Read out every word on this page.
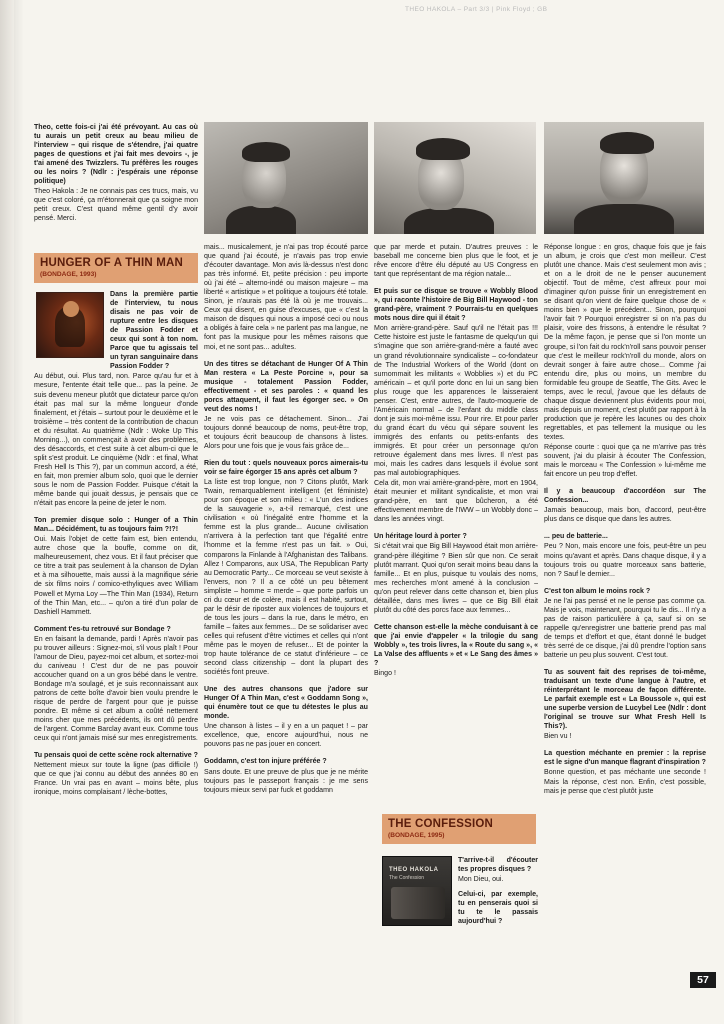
THEO HAKOLA – Part 3/3 | Pink Floyd ; GB

Theo, cette fois-ci j'ai été prévoyant. Au cas où tu aurais un petit creux au beau milieu de l'interview – qui risque de s'étendre, j'ai quatre pages de questions et j'ai fait mes devoirs -, je t'ai amené des Twizzlers. Tu préfères les rouges ou les noirs ? (Ndlr : j'espérais une réponse politique)

Theo Hakola : Je ne connais pas ces trucs, mais, vu que c'est coloré, ça m'étonnerait que ça soigne mon petit creux. C'est quand même gentil d'y avoir pensé. Merci.

HUNGER OF A THIN MAN
(BONDAGE, 1993)

Dans la première partie de l'interview, tu nous disais ne pas voir de rupture entre les disques de Passion Fodder et ceux qui sont à ton nom. Parce que tu agissais tel un tyran sanguinaire dans Passion Fodder ?

Au début, oui. Plus tard, non. Parce qu'au fur et à mesure, l'entente était telle que... pas la peine. Je suis devenu meneur plutôt que dictateur parce qu'on était pas mal sur la même longueur d'onde finalement, et j'étais – surtout pour le deuxième et le troisième – très content de la contribution de chacun et du résultat. Au quatrième (Ndlr : Woke Up This Morning...), on commençait à avoir des problèmes, des désaccords, et c'est suite à cet album-ci que le split s'est produit. Le cinquième (Ndlr : et final, What Fresh Hell Is This ?), par un commun accord, a été, en fait, mon premier album solo, quoi que le dernier sous le nom de Passion Fodder. Puisque c'était la même bande qui jouait dessus, je pensais que ce n'était pas encore la peine de jeter le nom.

Ton premier disque solo : Hunger of a Thin Man... Décidément, tu as toujours faim ?!?!

Oui. Mais l'objet de cette faim est, bien entendu, autre chose que la bouffe, comme on dit, malheureusement, chez vous. Et il faut préciser que ce titre a trait pas seulement à la chanson de Dylan et à ma silhouette, mais aussi à la magnifique série de six films noirs / comico-ethyliques avec William Powell et Myrna Loy —The Thin Man (1934), Return of the Thin Man, etc... – qu'on a tiré d'un polar de Dashiell Hammett.

Comment t'es-tu retrouvé sur Bondage ?

En en faisant la demande, pardi ! Après n'avoir pas pu trouver ailleurs : Signez-moi, s'il vous plaît ! Pour l'amour de Dieu, payez-moi cet album, et sortez-moi du caniveau ! C'est dur de ne pas pouvoir accoucher quand on a un gros bébé dans le ventre. Bondage m'a soulagé, et je suis reconnaissant aux patrons de cette boîte d'avoir bien voulu prendre le risque de perdre de l'argent pour que je puisse pondre. Et même si cet album a coûté nettement moins cher que mes précédents, ils ont dû perdre de l'argent. Comme Barclay avant eux. Comme tous ceux qui n'ont jamais misé sur mes enregistrements.

Tu pensais quoi de cette scène rock alternative ?

Nettement mieux sur toute la ligne (pas difficile !) que ce que j'ai connu au début des années 80 en France. Un vrai pas en avant – moins bête, plus ironique, moins complaisant / lèche-bottes,

mais... musicalement, je n'ai pas trop écouté parce que quand j'ai écouté, je n'avais pas trop envie d'écouter davantage. Mon avis là-dessus n'est donc pas très informé. Et, petite précision : peu importe où j'ai été – alterno-indé ou maison majeure – ma liberté « artistique » et politique a toujours été totale. Sinon, je n'aurais pas été là où je me trouvais... Ceux qui disent, en guise d'excuses, que « c'est la maison de disques qui nous a imposé ceci ou nous a obligés à faire cela » ne parlent pas ma langue, ne font pas la musique pour les mêmes raisons que moi, et ne sont pas... adultes.

Un des titres se détachant de Hunger Of A Thin Man restera « La Peste Porcine », pour sa musique - totalement Passion Fodder, effectivement - et ses paroles : « quand les porcs attaquent, il faut les égorger sec. » On veut des noms !

Je ne vois pas ce détachement. Sinon... J'ai toujours donné beaucoup de noms, peut-être trop, et toujours écrit beaucoup de chansons à listes. Alors pour une fois que je vous fais grâce de...

Rien du tout : quels nouveaux porcs aimerais-tu voir se faire égorger 15 ans après cet album ?

La liste est trop longue, non ? Citons plutôt, Mark Twain, remarquablement intelligent (et féministe) pour son époque et son milieu : « L'un des indices de la sauvagerie », a-t-il remarqué, c'est une civilisation « où l'inégalité entre l'homme et la femme est la plus grande... Aucune civilisation n'arrivera à la perfection tant que l'égalité entre l'homme et la femme n'est pas un fait. » Oui, comparons la Finlande à l'Afghanistan des Talibans. Allez ! Comparons, aux USA, The Republican Party au Democratic Party... Ce morceau se veut sexiste à l'envers, non ? Il a ce côté un peu bêtement simpliste – homme = merde – que porte parfois un cri du cœur et de colère, mais il est habité, surtout, par le désir de riposter aux violences de toujours et de tous les jours – dans la rue, dans le métro, en famille – faites aux femmes... De se solidariser avec celles qui refusent d'être victimes et celles qui n'ont même pas le moyen de refuser... Et de pointer la trop haute tolérance de ce statut d'inférieure – ce second class citizenship – dont la plupart des sociétés font preuve.

Une des autres chansons que j'adore sur Hunger Of A Thin Man, c'est « Goddamn Song », qui énumère tout ce que tu détestes le plus au monde.

Une chanson à listes – il y en a un paquet ! – par excellence, que, encore aujourd'hui, nous ne pouvons pas ne pas jouer en concert.

Goddamn, c'est ton injure préférée ?

Sans doute. Et une preuve de plus que je ne mérite toujours pas le passeport français : je me sens toujours mieux servi par fuck et goddamn

que par merde et putain. D'autres preuves : le baseball me concerne bien plus que le foot, et je rêve encore d'être élu député au US Congress en tant que représentant de ma région natale...

Et puis sur ce disque se trouve « Wobbly Blood », qui raconte l'histoire de Big Bill Haywood - ton grand-père, vraiment ? Pourrais-tu en quelques mots nous dire qui il était ?

Mon arrière-grand-père. Sauf qu'il ne l'était pas !!! Cette histoire est juste le fantasme de quelqu'un qui s'imagine que son arrière-grand-mère a fauté avec un grand révolutionnaire syndicaliste – co-fondateur de The Industrial Workers of the World (dont on surnommait les militants « Wobblies ») et du PC américain – et qu'il porte donc en lui un sang bien plus rouge que les apparences le laisseraient penser. C'est, entre autres, de l'auto-moquerie de l'Américain normal – de l'enfant du middle class dont je suis moi-même issu. Pour rire. Et pour parler du grand écart du vécu qui sépare souvent les immigrés des enfants ou petits-enfants des immigrés. Et pour créer un personnage qu'on retrouve également dans mes livres. Il n'est pas moi, mais les cadres dans lesquels il évolue sont pas mal autobiographiques.

Cela dit, mon vrai arrière-grand-père, mort en 1904, était meunier et militant syndicaliste, et mon vrai grand-père, en tant que bûcheron, a été effectivement membre de l'IWW – un Wobbly donc – dans les années vingt.

Un héritage lourd à porter ?

Si c'était vrai que Big Bill Haywood était mon arrière-grand-père illégitime ? Bien sûr que non. Ce serait plutôt marrant. Quoi qu'on serait moins beau dans la famille... Et en plus, puisque tu voulais des noms, mes recherches m'ont amené à la conclusion – qu'on peut relever dans cette chanson et, bien plus détaillée, dans mes livres – que ce Big Bill était plutôt du côté des porcs face aux femmes...

Cette chanson est-elle la mèche conduisant à ce que j'ai envie d'appeler « la trilogie du sang Wobbly », tes trois livres, la « Route du sang », « La Valse des affluents » et « Le Sang des âmes » ?

Bingo !

THE CONFESSION
(BONDAGE, 1995)
THEO HAKOLA
The Confession

T'arrive-t-il d'écouter tes propres disques ?

Mon Dieu, oui.

Celui-ci, par exemple, tu en penserais quoi si tu te le passais aujourd'hui ?

Réponse longue : en gros, chaque fois que je fais un album, je crois que c'est mon meilleur. C'est plutôt une chance. Mais c'est seulement mon avis ; et on a le droit de ne le penser aucunement objectif. Tout de même, c'est affreux pour moi d'imaginer qu'on puisse finir un enregistrement en se disant qu'on vient de faire quelque chose de « moins bien » que le précédent... Sinon, pourquoi l'avoir fait ? Pourquoi enregistrer si on n'a pas du plaisir, voire des frissons, à entendre le résultat ? De la même façon, je pense que si l'on monte un groupe, si l'on fait du rock'n'roll sans pouvoir penser que c'est le meilleur rock'n'roll du monde, alors on devrait songer à faire autre chose... Comme j'ai entendu dire, plus ou moins, un membre du formidable feu groupe de Seattle, The Gits. Avec le temps, avec le recul, j'avoue que les défauts de chaque disque deviennent plus évidents pour moi, mais depuis un moment, c'est plutôt par rapport à la production que je repère les lacunes ou des choix regrettables, et pas tellement la musique ou les textes.

Réponse courte : quoi que ça ne m'arrive pas très souvent, j'ai du plaisir à écouter The Confession, mais le morceau « The Confession » lui-même me fait encore un peu trop d'effet.

Il y a beaucoup d'accordéon sur The Confession...

Jamais beaucoup, mais bon, d'accord, peut-être plus dans ce disque que dans les autres.

... peu de batterie...

Peu ? Non, mais encore une fois, peut-être un peu moins qu'avant et après. Dans chaque disque, il y a toujours trois ou quatre morceaux sans batterie, non ? Sauf le dernier...

C'est ton album le moins rock ?

Je ne l'ai pas pensé et ne le pense pas comme ça. Mais je vois, maintenant, pourquoi tu le dis... Il n'y a pas de raison particulière à ça, sauf si on se rappelle qu'enregistrer une batterie prend pas mal de temps et d'effort et que, étant donné le budget très serré de ce disque, j'ai dû prendre l'option sans batterie un peu plus souvent. C'est tout.

Tu as souvent fait des reprises de toi-même, traduisant un texte d'une langue à l'autre, et réinterprétant le morceau de façon différente. Le parfait exemple est « La Boussole », qui est une superbe version de Lucybel Lee (Ndlr : dont l'original se trouve sur What Fresh Hell Is This?).

Bien vu !

La question méchante en premier : la reprise est le signe d'un manque flagrant d'inspiration ?

Bonne question, et pas méchante une seconde ! Mais la réponse, c'est non. Enfin, c'est possible, mais je pense que c'est plutôt juste

57
